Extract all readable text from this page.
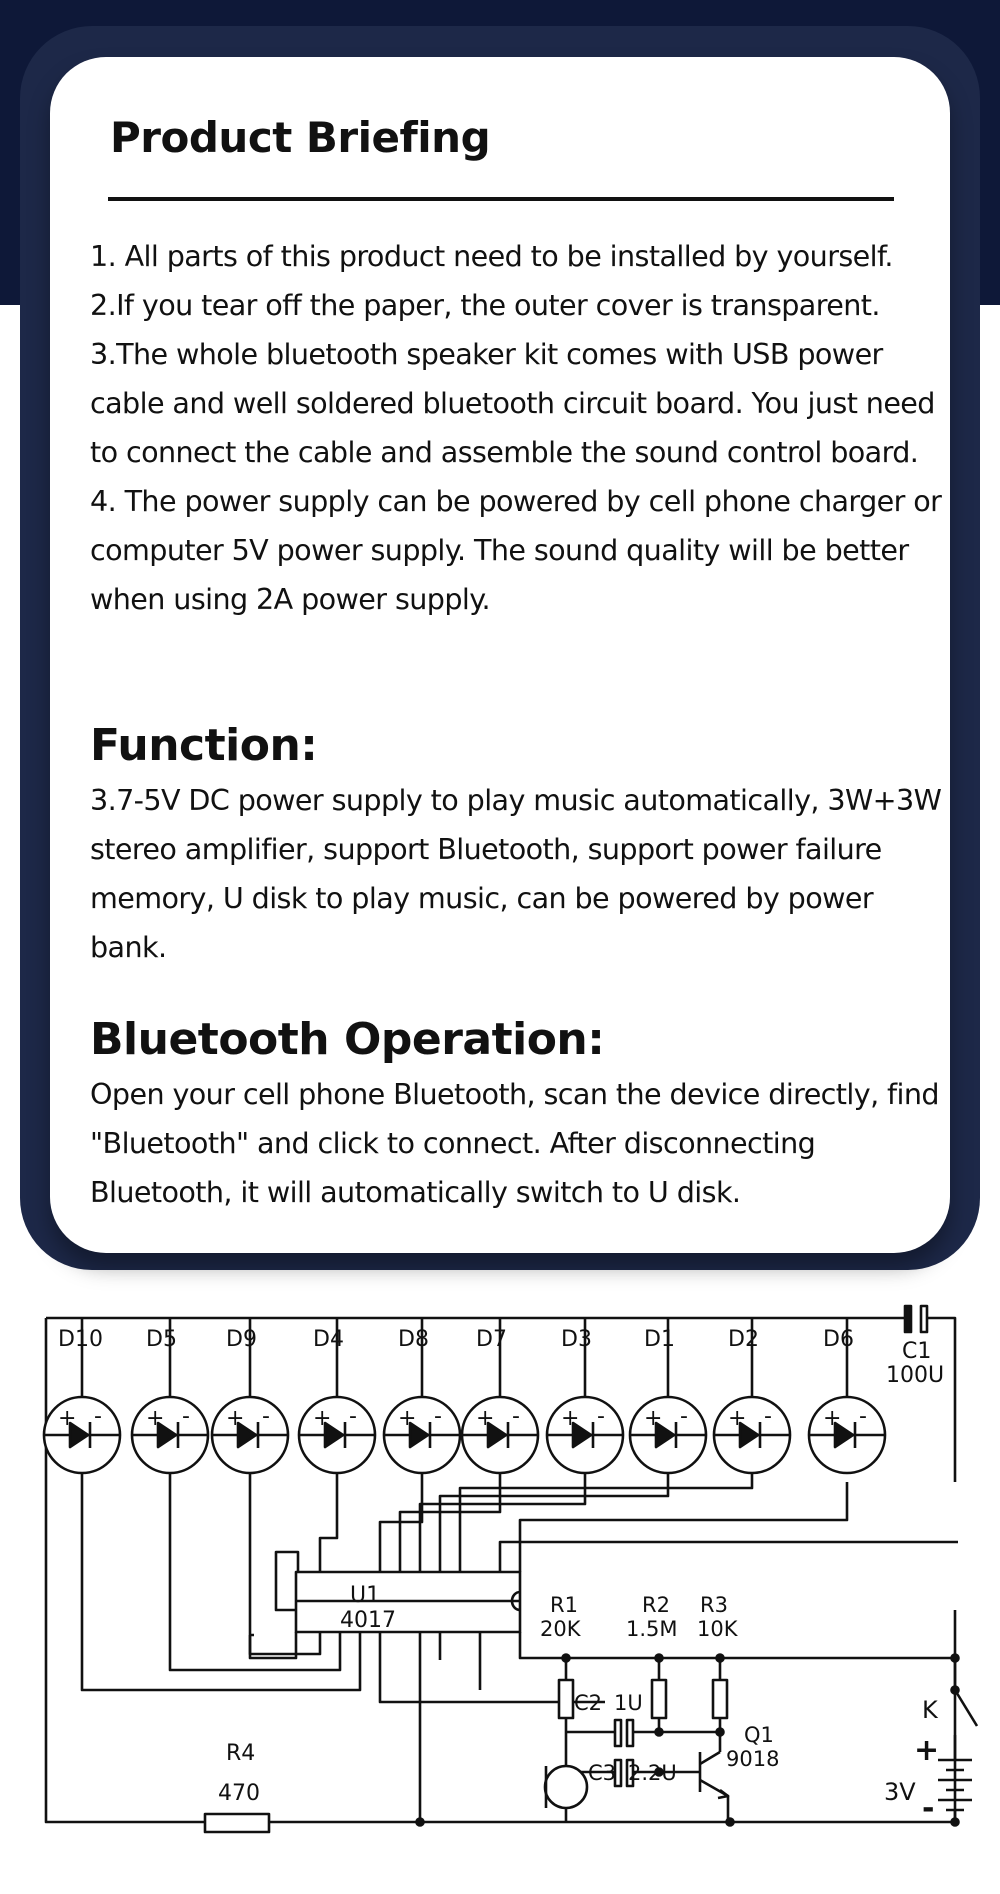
Product Briefing

1. All parts of this product need to be installed by yourself.

2.If you tear off the paper, the outer cover is transparent.

3.The whole bluetooth speaker kit comes with USB power cable and well soldered bluetooth circuit board. You just need to connect the cable and assemble the sound control board.

4. The power supply can be powered by cell phone charger or computer 5V power supply. The sound quality will be better when using 2A power supply.

Function:

3.7-5V DC power supply to play music automatically, 3W+3W stereo amplifier, support Bluetooth, support power failure memory, U disk to play music, can be powered by power bank.

Bluetooth Operation:

Open your cell phone Bluetooth, scan the device directly, find "Bluetooth" and click to connect. After disconnecting Bluetooth, it will automatically switch to U disk.

+ -
D10
+ -
D5
+ -
D9
+ -
D4
+ -
D8
+ -
D7
+ -
D3
+ -
D1
+ -
D2
+ -
D6 C1
100U
U1
4017
R1
20K
R2
1.5M
R3
10K
C2 1U
C3 2.2U
Q1
9018
R4
470
K
+
-
3V
